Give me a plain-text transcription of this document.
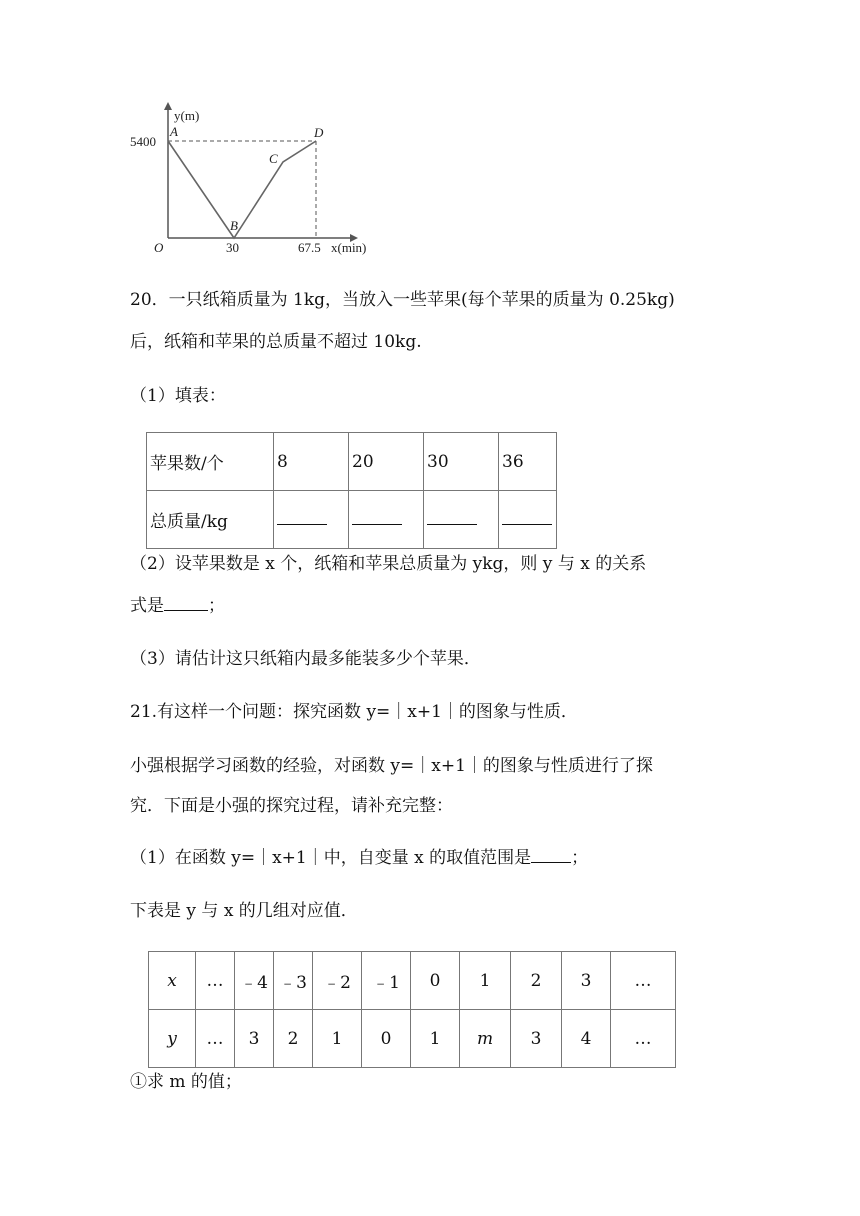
y(m)
5400
A
B
C
D
O	30	67.5 x(min)
20．一只纸箱质量为 1kg，当放入一些苹果(每个苹果的质量为 0.25kg)
后，纸箱和苹果的总质量不超过 10kg.
（1）填表：
苹果数/个	8	20	30	36
总质量/kg				
（2）设苹果数是 x 个，纸箱和苹果总质量为 ykg，则 y 与 x 的关系
式是	；
（3）请估计这只纸箱内最多能装多少个苹果．
21.有这样一个问题：探究函数 y=｜x+1｜的图象与性质．
小强根据学习函数的经验，对函数 y=｜x+1｜的图象与性质进行了探
究．下面是小强的探究过程，请补充完整：
（1）在函数 y=｜x+1｜中，自变量 x 的取值范围是 ；
下表是 y 与 x 的几组对应值．
x	…	﹣4	﹣3	﹣2	﹣1	0	1	2	3	…
y	…	3	2	1	0	1	m	3	4	…
①求 m 的值；
